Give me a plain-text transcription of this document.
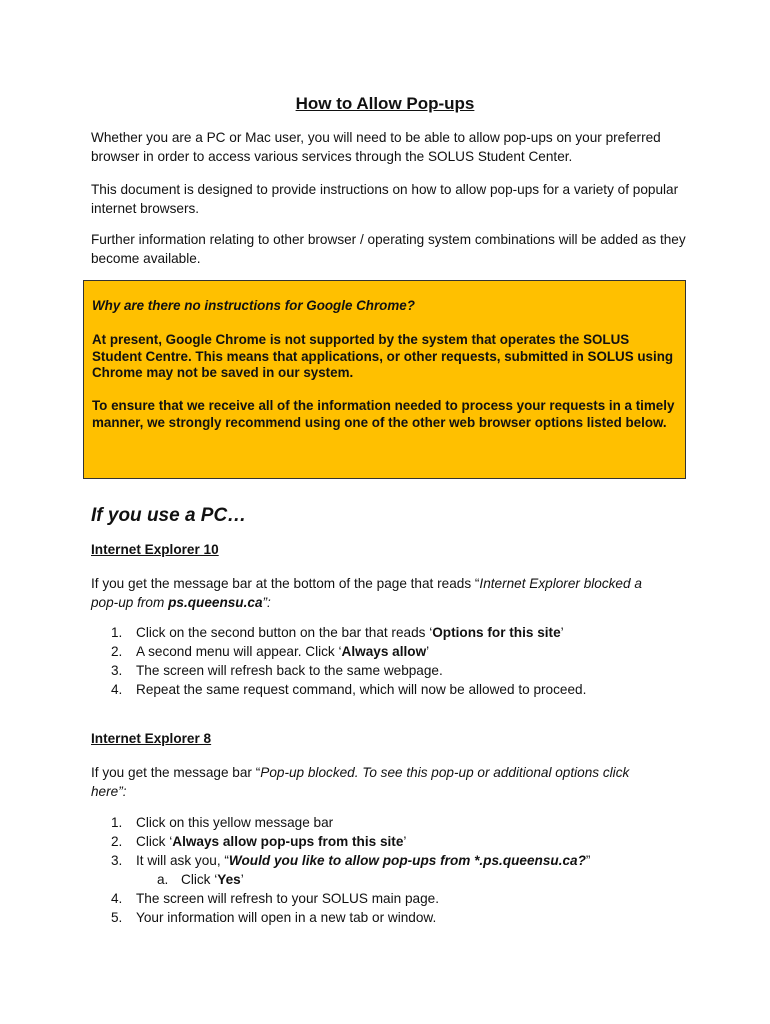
How to Allow Pop-ups
Whether you are a PC or Mac user, you will need to be able to allow pop-ups on your preferred browser in order to access various services through the SOLUS Student Center.
This document is designed to provide instructions on how to allow pop-ups for a variety of popular internet browsers.
Further information relating to other browser / operating system combinations will be added as they become available.
Why are there no instructions for Google Chrome?
At present, Google Chrome is not supported by the system that operates the SOLUS Student Centre. This means that applications, or other requests, submitted in SOLUS using Chrome may not be saved in our system.
To ensure that we receive all of the information needed to process your requests in a timely manner, we strongly recommend using one of the other web browser options listed below.
If you use a PC…
Internet Explorer 10
If you get the message bar at the bottom of the page that reads “Internet Explorer blocked a pop-up from ps.queensu.ca”:
1.	Click on the second button on the bar that reads ‘Options for this site’
2.	A second menu will appear. Click ‘Always allow’
3.	The screen will refresh back to the same webpage.
4.	Repeat the same request command, which will now be allowed to proceed.
Internet Explorer 8
If you get the message bar “Pop-up blocked. To see this pop-up or additional options click here”:
1.	Click on this yellow message bar
2.	Click ‘Always allow pop-ups from this site’
3.	It will ask you, “Would you like to allow pop-ups from *.ps.queensu.ca?”
a. Click ‘Yes’
4.	The screen will refresh to your SOLUS main page.
5.	Your information will open in a new tab or window.
